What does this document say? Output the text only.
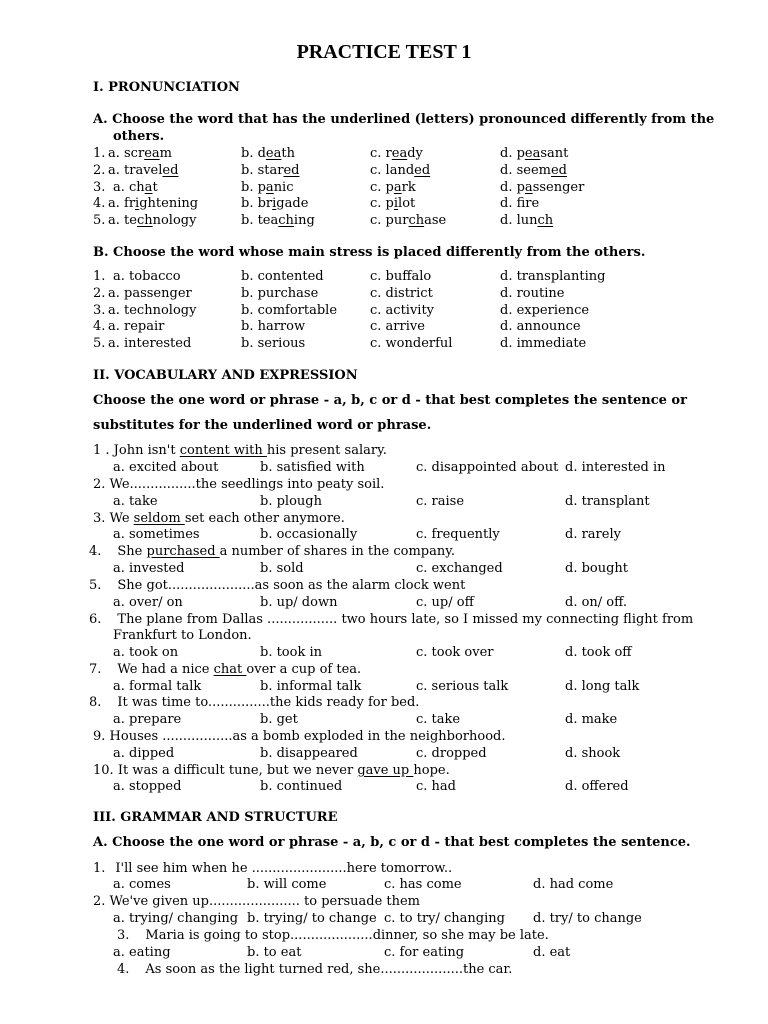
PRACTICE TEST 1
I. PRONUNCIATION
A. Choose the word that has the underlined (letters) pronounced differently from the
others.
1. a. scream	b. death	c. ready	d. peasant
2. a. traveled	b. stared	c. landed	d. seemed
3. a. chat	b. panic	c. park	d. passenger
4. a. frightening	b. brigade	c. pilot	d. fre
5. a. technology	b. teaching	c. purchase	d. lunch
B. Choose the word whose main stress is placed differently from the others.
1. a. tobacco	b. contented	c. buffalo	d. transplanting
2. a. passenger	b. purchase	c. district	d. routine
3. a. technology	b. comfortable	c. activity	d. experience
4. a. repair	b. harrow	c. arrive	d. announce
5. a. interested	b. serious	c. wonderful	d. immediate
II. VOCABULARY AND EXPRESSION
Choose the one word or phrase - a, b, c or d - that best completes the sentence or
substitutes for the underlined word or phrase.
1 . John isn't content with his present salary.
a. excited about	b. satisfied with	c. disappointed about d. interested in
2. We................the seedlings into peaty soil.
a. take	b. plough	c. raise	d. transplant
3. We seldom set each other anymore.
a. sometimes	b. occasionally	c. frequently	d. rarely
4. She purchased a number of shares in the company.
a. invested	b. sold	c. exchanged	d. bought
5. She got.....................as soon as the alarm clock went
a. over/ on	b. up/ down	c. up/ off	d. on/ off.
6. The plane from Dallas ................. two hours late, so I missed my connecting flight from
Frankfurt to London.
a. took on	b. took in	c. took over	d. took off
7. We had a nice chat over a cup of tea.
a. formal talk	b. informal talk	c. serious talk	d. long talk
8. It was time to...............the kids ready for bed.
a. prepare	b. get	c. take	d. make
9. Houses .................as a bomb exploded in the neighborhood.
a. dipped	b. disappeared	c. dropped	d. shook
10. It was a difficult tune, but we never gave up hope.
a. stopped	b. continued	c. had	d. offered
III. GRAMMAR AND STRUCTURE
A. Choose the one word or phrase - a, b, c or d - that best completes the sentence.
1. I'll see him when he .......................here tomorrow..
a. comes	b. will come	c. has come	d. had come
2. We've given up...................... to persuade them
a. trying/ changing b. trying/ to change c. to try/ changing d. try/ to change
3. Maria is going to stop....................dinner, so she may be late.
a. eating	b. to eat	c. for eating	d. eat
4. As soon as the light turned red, she....................the car.
